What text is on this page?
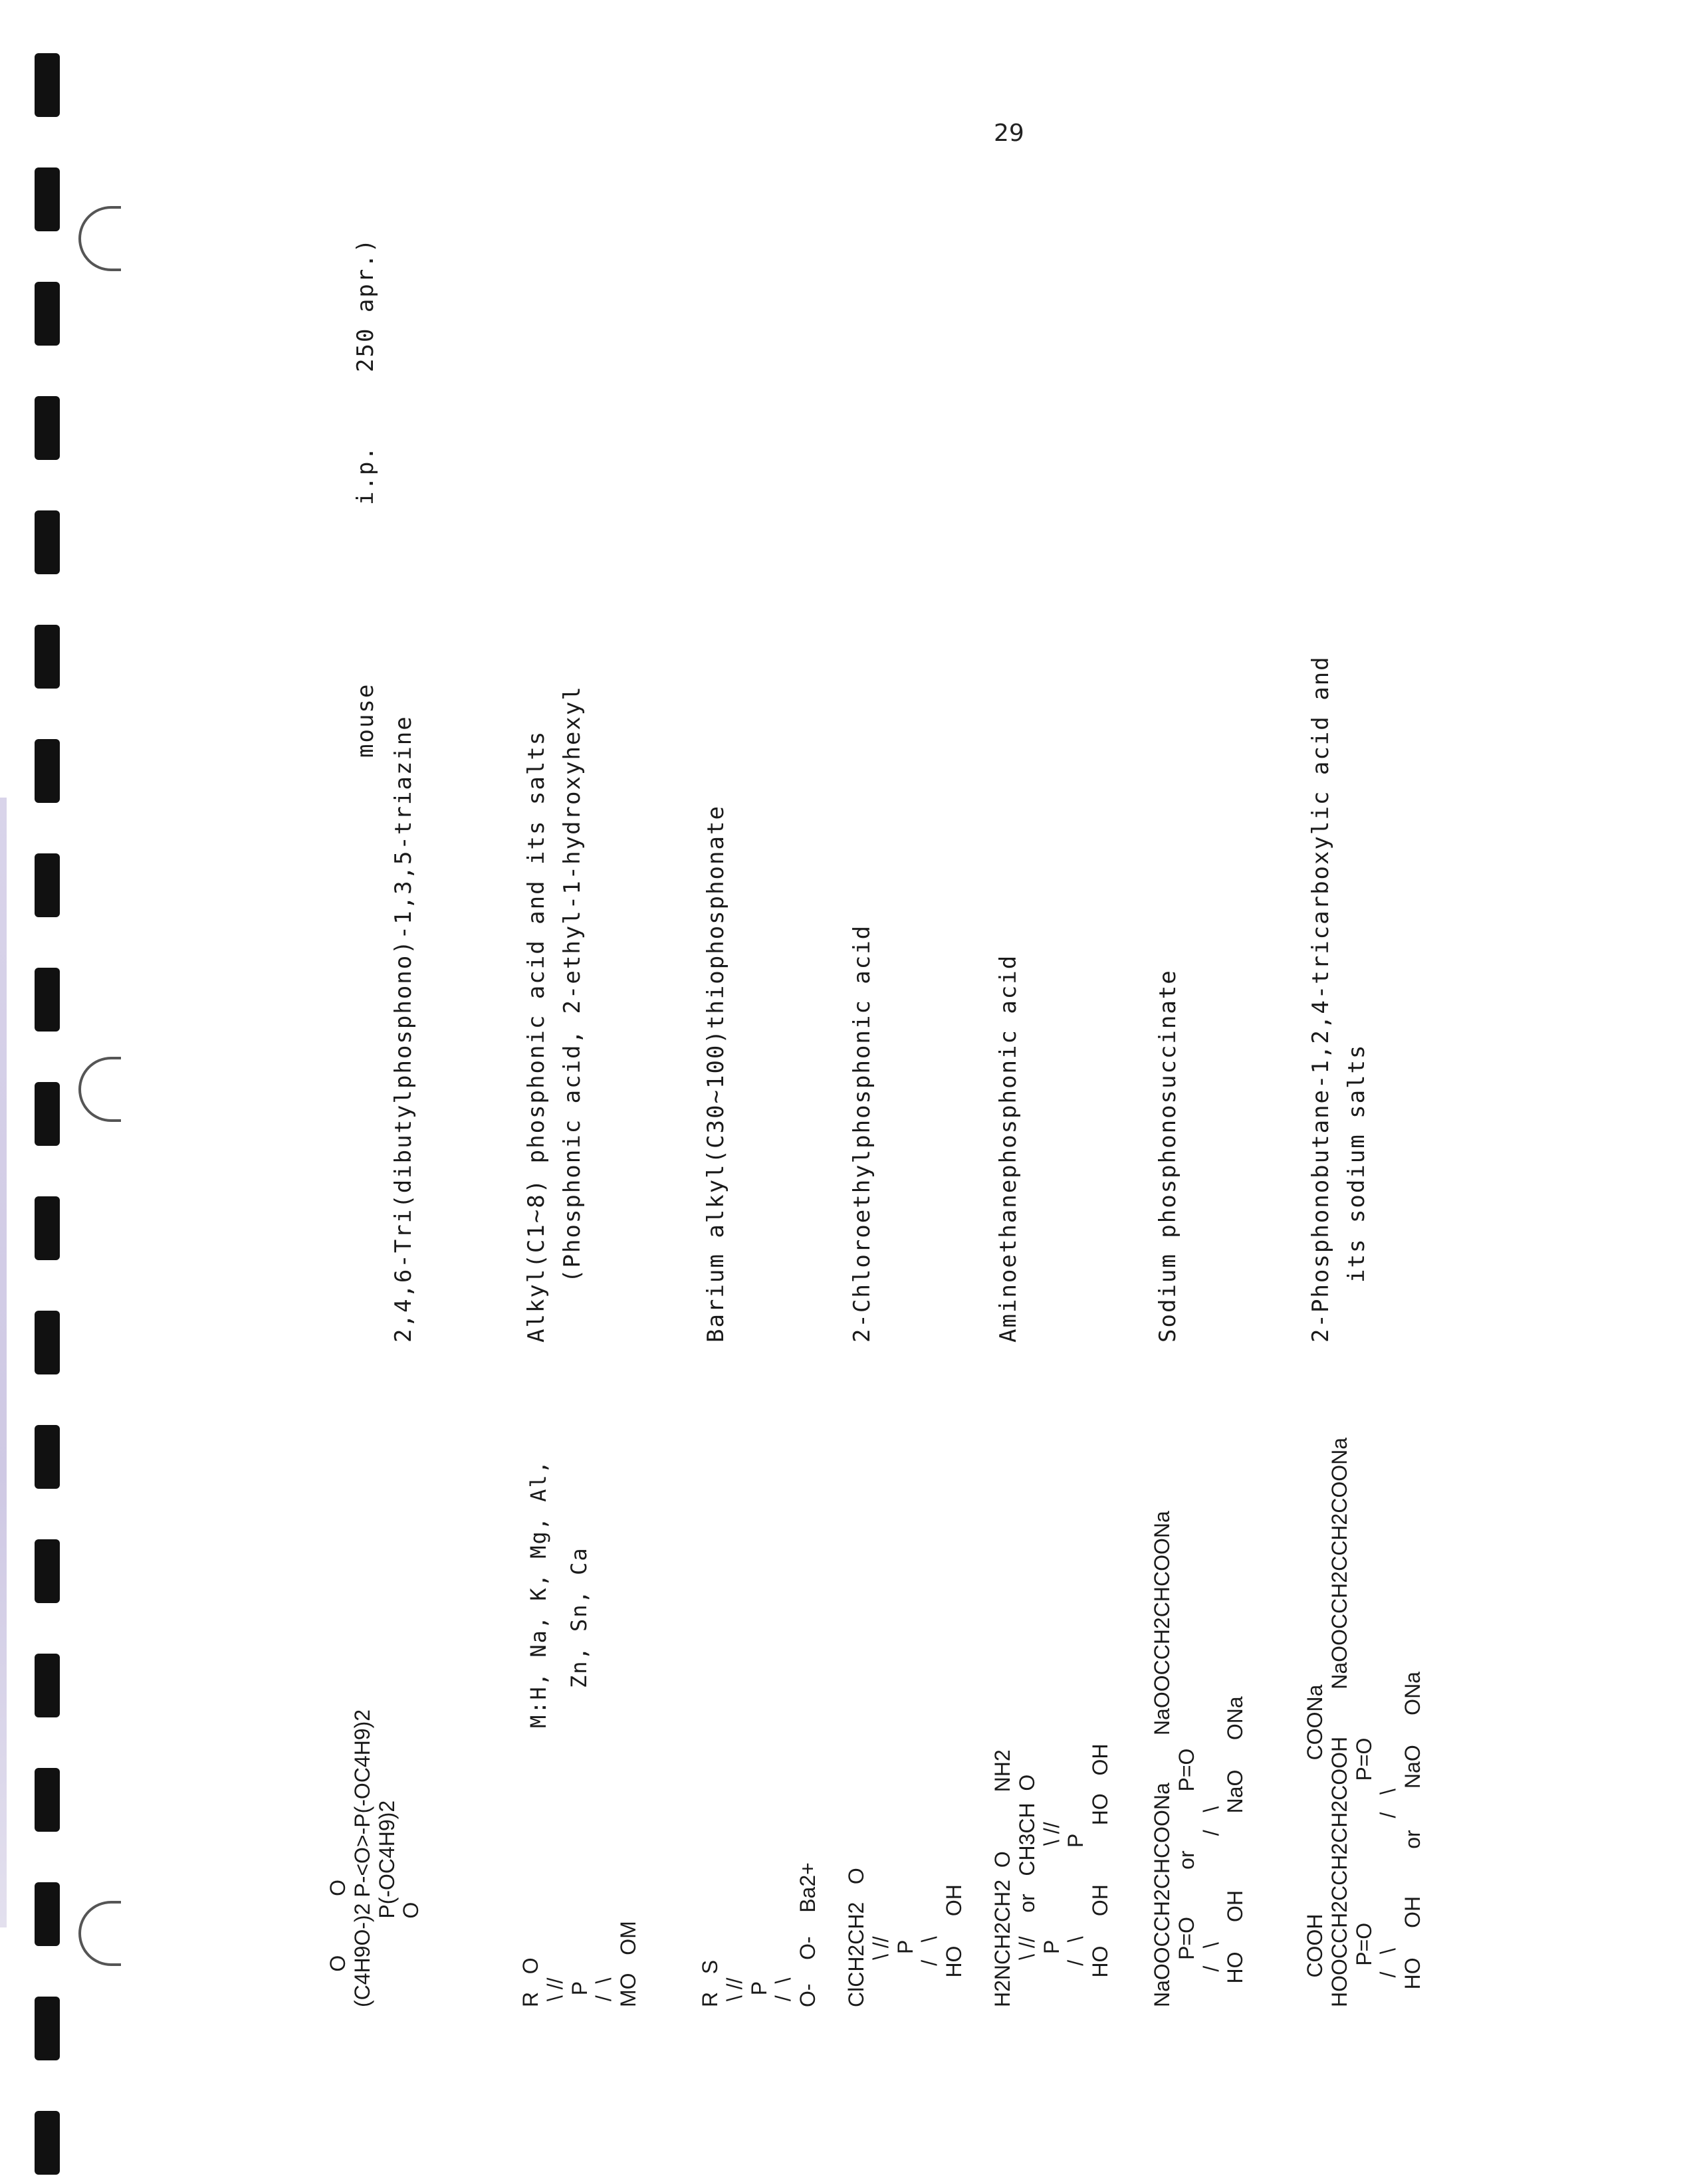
29
mouse
i.p.
250 apr.)
O          O (C4H9O-)2 P-<O>-P(-OC4H9)2 P(-OC4H9)2 O
2,4,6-Tri(dibutylphosphono)-1,3,5-triazine
R   O \ // P /  \ MO   OM
M:H, Na, K, Mg, Al, Zn, Sn, Ca
Alkyl(C1~8) phosphonic acid and its salts (Phosphonic acid, 2-ethyl-1-hydroxyhexyl
R   S \ // P /  \ O-    O-    Ba2+
Barium alkyl(C30~100)thiophosphonate
ClCH2CH2   O \ // P /   \ HO     OH
2-Chloroethylphosphonic acid
H2NCH2CH2  O          NH2 \ //    or   CH3CH  O P                \ // /   \               P HO     OH          HO   OH
Aminoethanephosphonic acid
NaOOCCH2CHCOONa        NaOOCCH2CHCOONa P=O        or          P=O /   \                  /   \ HO     OH             NaO     ONa
Sodium phosphonosuccinate
COOH                          COONa HOOCCH2CCH2CH2COOH        NaOOCCH2CCH2COONa P=O                        P=O /   \                      /   \ HO     OH        or       NaO     ONa
2-Phosphonobutane-1,2,4-tricarboxylic acid and its sodium salts
